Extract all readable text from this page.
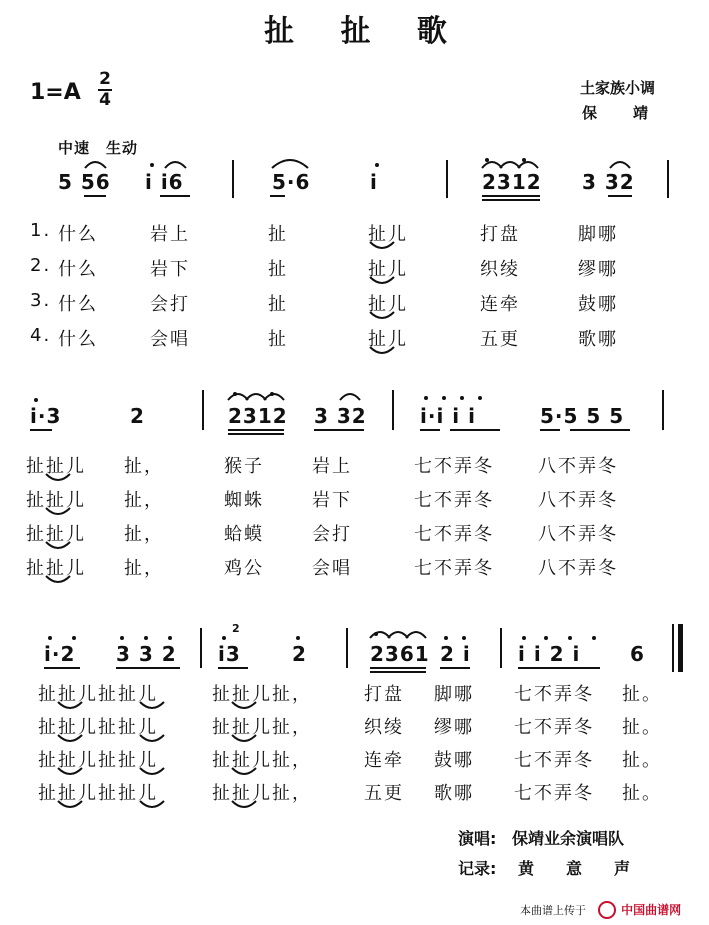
扯 扯 歌
1=A
2
4
土家族小调
保　　靖
中速　生动
5 56 i i6	5·6	i	2312 3 32
1. 什么	岩上	扯	扯儿	打盘	脚哪
2. 什么	岩下	扯	扯儿	织绫	缪哪
3. 什么	会打	扯	扯儿	连牵	鼓哪
4. 什么	会唱	扯	扯儿	五更	歌哪
i·3	2	2312 3 32	i·i i i	5·5 5 5
扯扯儿 扯，	猴子	岩上	七不弄冬 八不弄冬
扯扯儿 扯，	蜘蛛	岩下	七不弄冬 八不弄冬
扯扯儿 扯，	蛤蟆	会打	七不弄冬 八不弄冬
扯扯儿 扯，	鸡公	会唱	七不弄冬 八不弄冬
i·2 3 3 2
2
i3	2	2361 2 i i i 2 i 6
扯扯儿扯扯儿	扯扯儿扯，	打盘 脚哪 七不弄冬 扯。
扯扯儿扯扯儿	扯扯儿扯，	织绫 缪哪 七不弄冬 扯。
扯扯儿扯扯儿	扯扯儿扯，	连牵 鼓哪 七不弄冬 扯。
扯扯儿扯扯儿	扯扯儿扯，	五更 歌哪 七不弄冬 扯。
演唱: 保靖业余演唱队
记录: 黄　　意　　声
本曲谱上传于	中国曲谱网
